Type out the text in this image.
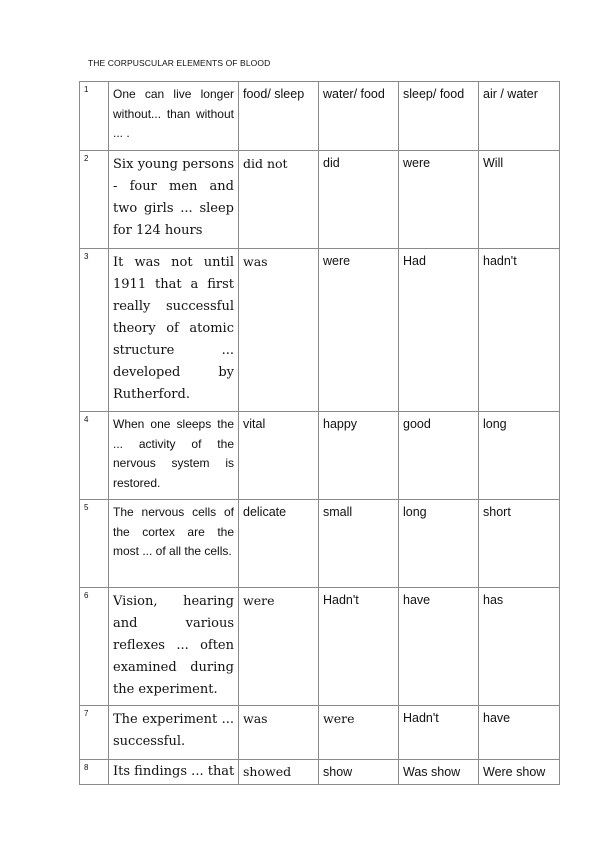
THE CORPUSCULAR ELEMENTS OF BLOOD
1	One can live longer without... than without ... .	food/ sleep	water/ food	sleep/ food	air / water
2	Six young persons - four men and two girls ... sleep for 124 hours	did not	did	were	Will
3	It was not until 1911 that a first really successful theory of atomic structure ... developed by Rutherford.	was	were	Had	hadn't
4	When one sleeps the ... activity of the nervous system is restored.	vital	happy	good	long
5	The nervous cells of the cortex are the most ... of all the cells.	delicate	small	long	short
6	Vision, hearing and various reflexes ... often examined during the experiment.	were	Hadn't	have	has
7	The experiment ... successful.	was	were	Hadn't	have
8	Its findings ... that	showed	show	Was show	Were show
